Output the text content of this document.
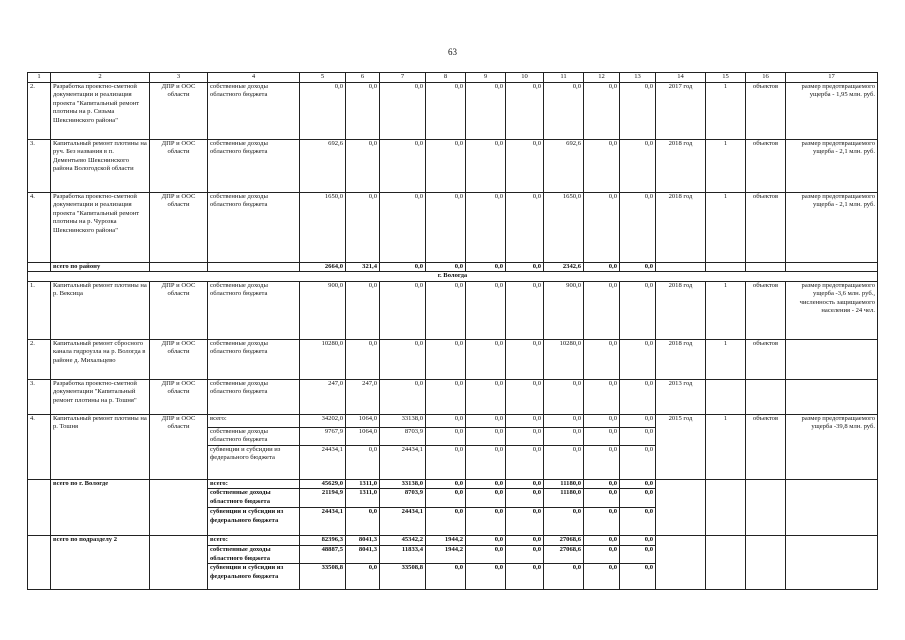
63
1	2	3	4	5	6	7	8	9	10	11	12	13	14	15	16	17
2.	Разработка проектно-сметной документации и реализация проекта "Капитальный ремонт плотины на р. Сизьма Шекснинского района"	ДПР и ООС области	собственные доходы областного бюджета	0,0	0,0	0,0	0,0	0,0	0,0	0,0	0,0	0,0	2017 год	1	объектов	размер предотвращаемого ущерба - 1,95 млн. руб.
3.	Капитальный ремонт плотины на руч. Без названия в п. Дементьево Шекснинского района Вологодской области	ДПР и ООС области	собственные доходы областного бюджета	692,6	0,0	0,0	0,0	0,0	0,0	692,6	0,0	0,0	2018 год	1	объектов	размер предотвращаемого ущерба - 2,1 млн. руб.
4.	Разработка проектно-сметной документации и реализация проекта "Капитальный ремонт плотины на р. Чурозка Шекснинского района"	ДПР и ООС области	собственные доходы областного бюджета	1650,0	0,0	0,0	0,0	0,0	0,0	1650,0	0,0	0,0	2018 год	1	объектов	размер предотвращаемого ущерба - 2,1 млн. руб.
	всего по району			2664,0	321,4	0,0	0,0	0,0	0,0	2342,6	0,0	0,0				
г. Вологда																
1.	Капитальный ремонт плотины на р. Вексица	ДПР и ООС области	собственные доходы областного бюджета	900,0	0,0	0,0	0,0	0,0	0,0	900,0	0,0	0,0	2018 год	1	объектов	размер предотвращаемого ущерба -3,6 млн. руб., численность защищаемого населения - 24 чел.
2.	Капитальный ремонт сбросного канала гидроузла на р. Вологда в районе д. Михальцево	ДПР и ООС области	собственные доходы областного бюджета	10280,0	0,0	0,0	0,0	0,0	0,0	10280,0	0,0	0,0	2018 год	1	объектов	
3.	Разработка проектно-сметной документации "Капитальный ремонт плотины на р. Тошня"	ДПР и ООС области	собственные доходы областного бюджета	247,0	247,0	0,0	0,0	0,0	0,0	0,0	0,0	0,0	2013 год			
4.	Капитальный ремонт плотины на р. Тошня	ДПР и ООС области	всего:	34202,0	1064,0	33138,0	0,0	0,0	0,0	0,0	0,0	0,0	2015 год	1	объектов	размер предотвращаемого ущерба -39,8 млн. руб.
			собственные доходы областного бюджета	9767,9	1064,0	8703,9	0,0	0,0	0,0	0,0	0,0	0,0				
			субвенции и субсидии из федерального бюджета	24434,1	0,0	24434,1	0,0	0,0	0,0	0,0	0,0	0,0				
	всего по г. Вологде		всего:	45629,0	1311,0	33138,0	0,0	0,0	0,0	11180,0	0,0	0,0				
			собственные доходы областного бюджета	21194,9	1311,0	8703,9	0,0	0,0	0,0	11180,0	0,0	0,0				
			субвенции и субсидии из федерального бюджета	24434,1	0,0	24434,1	0,0	0,0	0,0	0,0	0,0	0,0				
	всего по подразделу 2		всего:	82396,3	8041,3	45342,2	1944,2	0,0	0,0	27068,6	0,0	0,0				
			собственные доходы областного бюджета	48887,5	8041,3	11833,4	1944,2	0,0	0,0	27068,6	0,0	0,0				
			субвенции и субсидии из федерального бюджета	33508,8	0,0	33508,8	0,0	0,0	0,0	0,0	0,0	0,0				
